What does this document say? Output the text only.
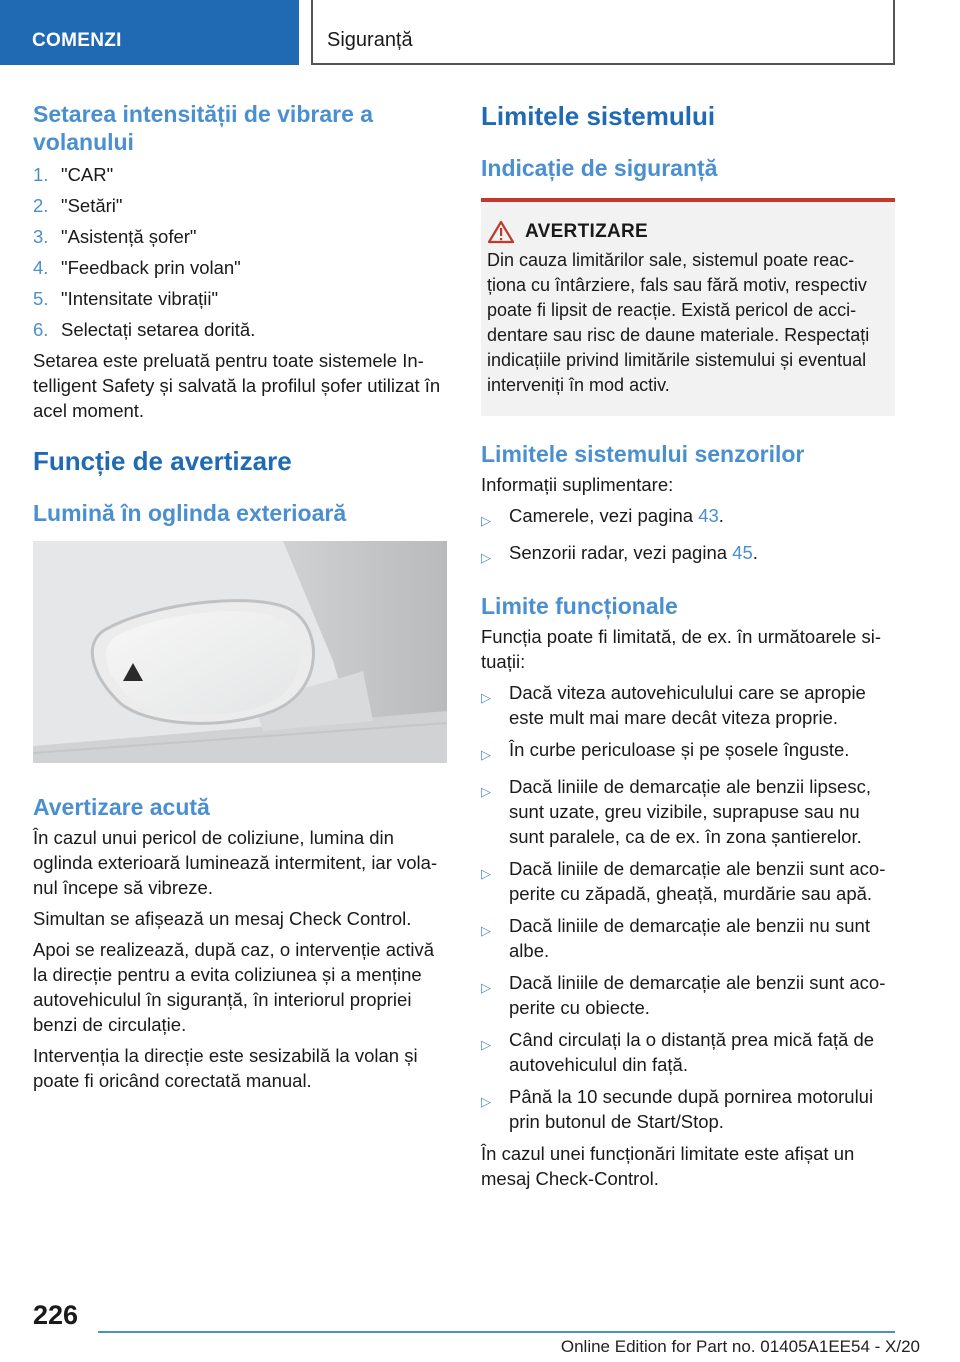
COMENZI	Siguranță
Setarea intensității de vibrare a volanului
1. "CAR"
2. "Setări"
3. "Asistență șofer"
4. "Feedback prin volan"
5. "Intensitate vibrații"
6. Selectați setarea dorită.

Setarea este preluată pentru toate sistemele In-telligent Safety și salvată la profilul șofer utilizat în acel moment.

Funcție de avertizare
Lumină în oglinda exterioară
Avertizare acută

În cazul unui pericol de coliziune, lumina din oglinda exterioară luminează intermitent, iar vola-nul începe să vibreze.

Simultan se afișează un mesaj Check Control.

Apoi se realizează, după caz, o intervenție activă la direcție pentru a evita coliziunea și a menține autovehiculul în siguranță, în interiorul propriei benzi de circulație.

Intervenția la direcție este sesizabilă la volan și poate fi oricând corectată manual.

Limitele sistemului
Indicație de siguranță
AVERTIZARE

Din cauza limitărilor sale, sistemul poate reac-ționa cu întârziere, fals sau fără motiv, respectiv poate fi lipsit de reacție. Există pericol de acci-dentare sau risc de daune materiale. Respectați indicațiile privind limitările sistemului și eventual interveniți în mod activ.

Limitele sistemului senzorilor

Informații suplimentare:

▷ Camerele, vezi pagina 43.
▷ Senzorii radar, vezi pagina 45.
Limite funcționale

Funcția poate fi limitată, de ex. în următoarele si-tuații:

▷ Dacă viteza autovehiculului care se apropie este mult mai mare decât viteza proprie.
▷ În curbe periculoase și pe șosele înguste.
▷ Dacă liniile de demarcație ale benzii lipsesc, sunt uzate, greu vizibile, suprapuse sau nu sunt paralele, ca de ex. în zona șantierelor.
▷ Dacă liniile de demarcație ale benzii sunt aco-perite cu zăpadă, gheață, murdărie sau apă.
▷ Dacă liniile de demarcație ale benzii nu sunt albe.
▷ Dacă liniile de demarcație ale benzii sunt aco-perite cu obiecte.
▷ Când circulați la o distanță prea mică față de autovehiculul din față.
▷ Până la 10 secunde după pornirea motorului prin butonul de Start/Stop.

În cazul unei funcționări limitate este afișat un mesaj Check-Control.

226
Online Edition for Part no. 01405A1EE54 - X/20
